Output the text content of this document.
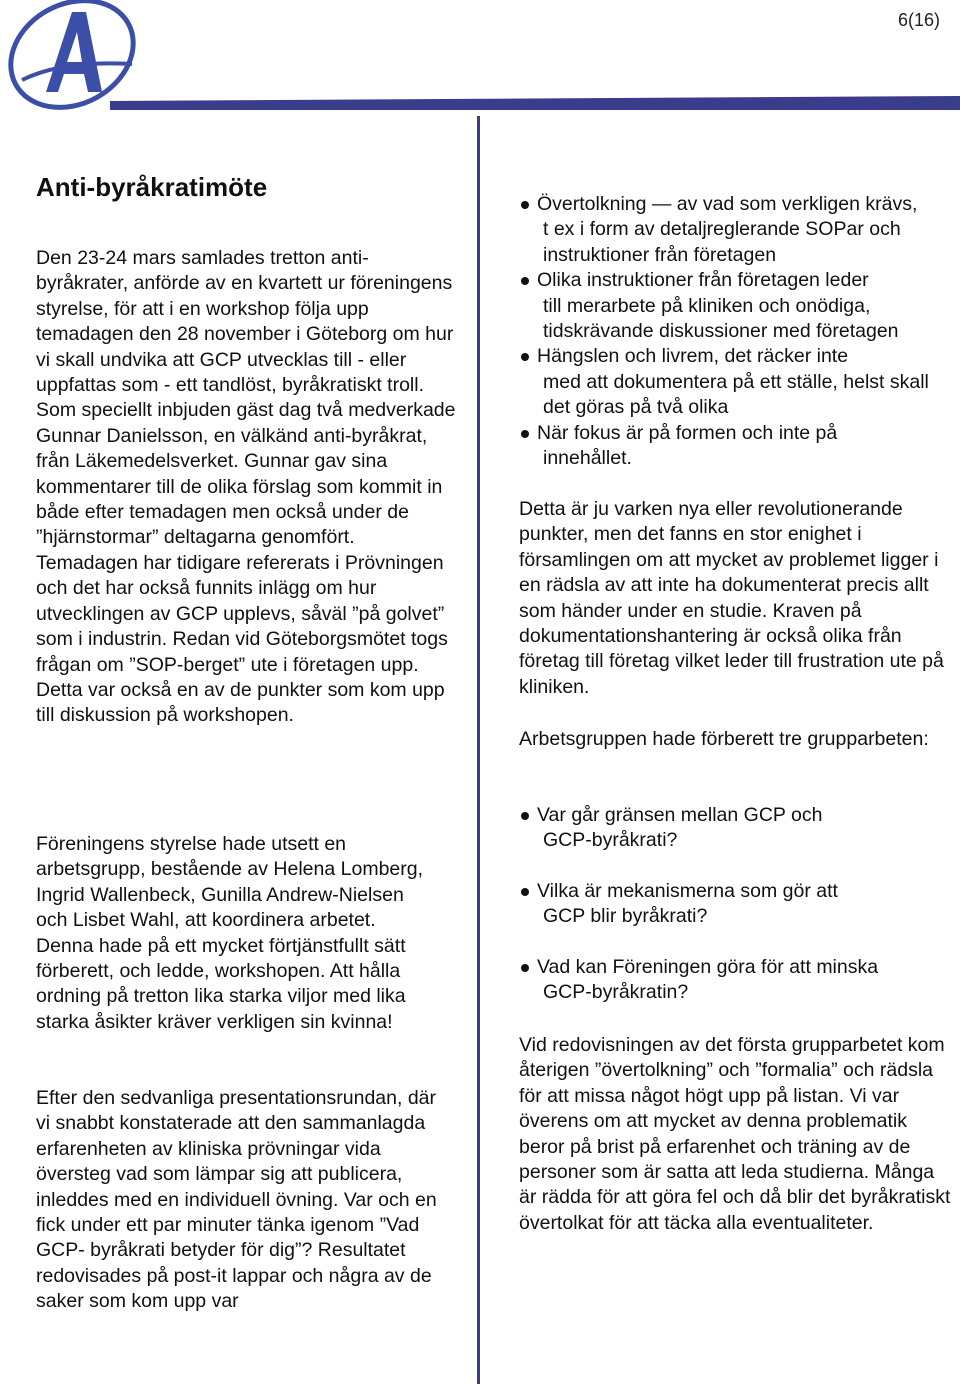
6(16)
Anti-byråkratimöte

Den 23-24 mars samlades tretton anti- byråkrater, anförde av en kvartett ur föreningens styrelse, för att i en workshop följa upp temadagen den 28 november i Göteborg om hur vi skall undvika att GCP utvecklas till - eller uppfattas som - ett tandlöst, byråkratiskt troll. Som speciellt inbjuden gäst dag två medverkade Gunnar Danielsson, en välkänd anti-byråkrat, från Läkemedelsverket. Gunnar gav sina kommentarer till de olika förslag som kommit in både efter temadagen men också under de ”hjärnstormar” deltagarna genomfört. Temadagen har tidigare refererats i Prövningen och det har också funnits inlägg om hur utvecklingen av GCP upplevs, såväl ”på golvet” som i industrin. Redan vid Göteborgsmötet togs frågan om ”SOP-berget” ute i företagen upp. Detta var också en av de punkter som kom upp till diskussion på workshopen.

Föreningens styrelse hade utsett en arbetsgrupp, bestående av Helena Lomberg, Ingrid Wallenbeck, Gunilla Andrew-Nielsen och Lisbet Wahl, att koordinera arbetet. Denna hade på ett mycket förtjänstfullt sätt förberett, och ledde, workshopen. Att hålla ordning på tretton lika starka viljor med lika starka åsikter kräver verkligen sin kvinna!

Efter den sedvanliga presentationsrundan, där vi snabbt konstaterade att den sammanlagda erfarenheten av kliniska prövningar vida översteg vad som lämpar sig att publicera, inleddes med en individuell övning. Var och en fick under ett par minuter tänka igenom ”Vad GCP- byråkrati betyder för dig”? Resultatet redovisades på post-it lappar och några av de saker som kom upp var

Övertolkning — av vad som verkligen krävs,
t ex i form av detaljreglerande SOPar och instruktioner från företagen
Olika instruktioner från företagen leder
till merarbete på kliniken och onödiga, tidskrävande diskussioner med företagen
Hängslen och livrem, det räcker inte
med att dokumentera på ett ställe, helst skall det göras på två olika
När fokus är på formen och inte på
innehållet.

Detta är ju varken nya eller revolutionerande punkter, men det fanns en stor enighet i församlingen om att mycket av problemet ligger i en rädsla av att inte ha dokumenterat precis allt som händer under en studie. Kraven på dokumentationshantering är också olika från företag till företag vilket leder till frustration ute på kliniken.

Arbetsgruppen hade förberett tre grupparbeten:

Var går gränsen mellan GCP och
GCP-byråkrati?
Vilka är mekanismerna som gör att
GCP blir byråkrati?
Vad kan Föreningen göra för att minska
GCP-byråkratin?

Vid redovisningen av det första grupparbetet kom återigen ”övertolkning” och ”formalia” och rädsla för att missa något högt upp på listan. Vi var överens om att mycket av denna problematik beror på brist på erfarenhet och träning av de personer som är satta att leda studierna. Många är rädda för att göra fel och då blir det byråkratiskt övertolkat för att täcka alla eventualiteter.
